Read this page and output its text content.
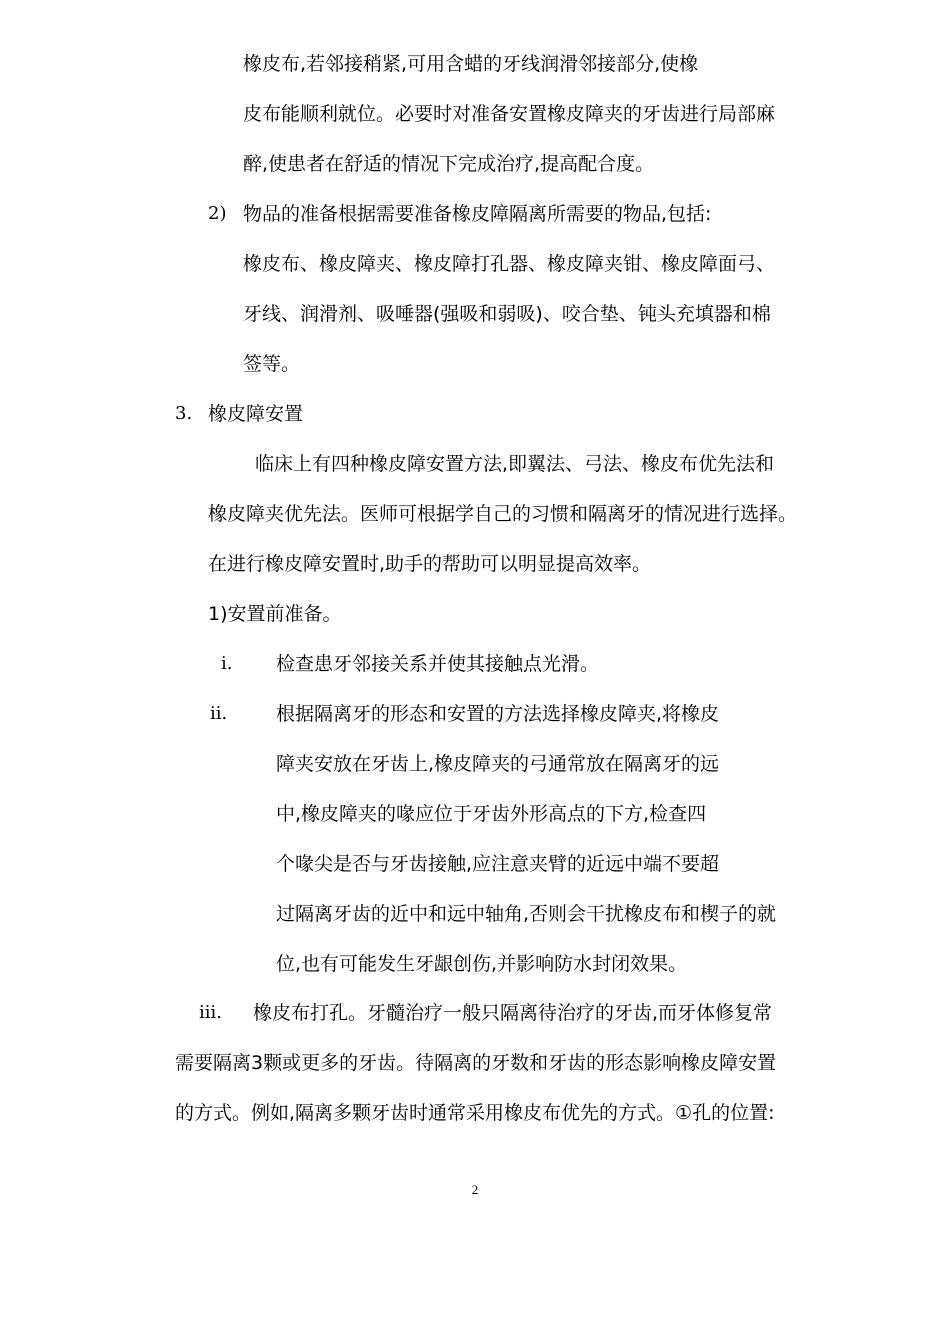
橡皮布,若邻接稍紧,可用含蜡的牙线润滑邻接部分,使橡
皮布能顺利就位。必要时对准备安置橡皮障夹的牙齿进行局部麻
醉,使患者在舒适的情况下完成治疗,提高配合度。
2) 物品的准备根据需要准备橡皮障隔离所需要的物品,包括:
橡皮布、橡皮障夹、橡皮障打孔器、橡皮障夹钳、橡皮障面弓、
牙线、润滑剂、吸唾器(强吸和弱吸)、咬合垫、钝头充填器和棉
签等。
3. 橡皮障安置
临床上有四种橡皮障安置方法,即翼法、弓法、橡皮布优先法和
橡皮障夹优先法。医师可根据学自己的习惯和隔离牙的情况进行选择。
在进行橡皮障安置时,助手的帮助可以明显提高效率。
1)安置前准备。
i. 检查患牙邻接关系并使其接触点光滑。
ii.	根据隔离牙的形态和安置的方法选择橡皮障夹,将橡皮
障夹安放在牙齿上,橡皮障夹的弓通常放在隔离牙的远
中,橡皮障夹的喙应位于牙齿外形高点的下方,检查四
个喙尖是否与牙齿接触,应注意夹臂的近远中端不要超
过隔离牙齿的近中和远中轴角,否则会干扰橡皮布和楔子的就
位,也有可能发生牙龈创伤,并影响防水封闭效果。
iii. 橡皮布打孔。牙髓治疗一般只隔离待治疗的牙齿,而牙体修复常
需要隔离3颗或更多的牙齿。待隔离的牙数和牙齿的形态影响橡皮障安置
的方式。例如,隔离多颗牙齿时通常采用橡皮布优先的方式。①孔的位置:
2
